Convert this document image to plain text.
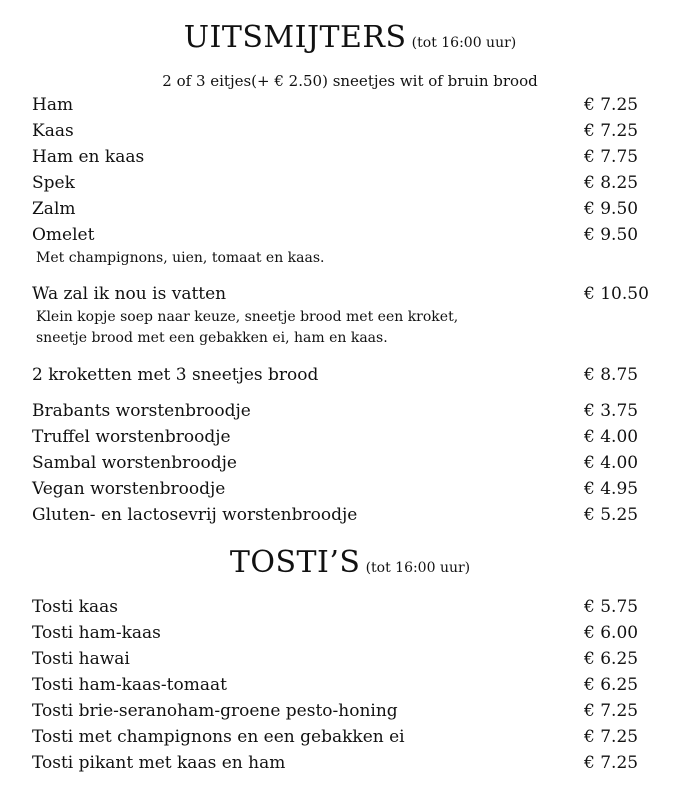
UITSMIJTERS (tot 16:00 uur)
2 of 3 eitjes(+ € 2.50) sneetjes wit of bruin brood
Ham	€ 7.25
Kaas	€ 7.25
Ham en kaas	€ 7.75
Spek	€ 8.25
Zalm	€ 9.50
Omelet	€ 9.50
Met champignons, uien, tomaat en kaas.
Wa zal ik nou is vatten	€ 10.50
Klein kopje soep naar keuze, sneetje brood met een kroket,
sneetje brood met een gebakken ei, ham en kaas.
2 kroketten met 3 sneetjes brood	€ 8.75
Brabants worstenbroodje	€ 3.75
Truffel worstenbroodje	€ 4.00
Sambal worstenbroodje	€ 4.00
Vegan worstenbroodje	€ 4.95
Gluten- en lactosevrij worstenbroodje	€ 5.25
TOSTI’S (tot 16:00 uur)
Tosti kaas	€ 5.75
Tosti ham-kaas	€ 6.00
Tosti hawai	€ 6.25
Tosti ham-kaas-tomaat	€ 6.25
Tosti brie-seranoham-groene pesto-honing	€ 7.25
Tosti met champignons en een gebakken ei	€ 7.25
Tosti pikant met kaas en ham	€ 7.25
